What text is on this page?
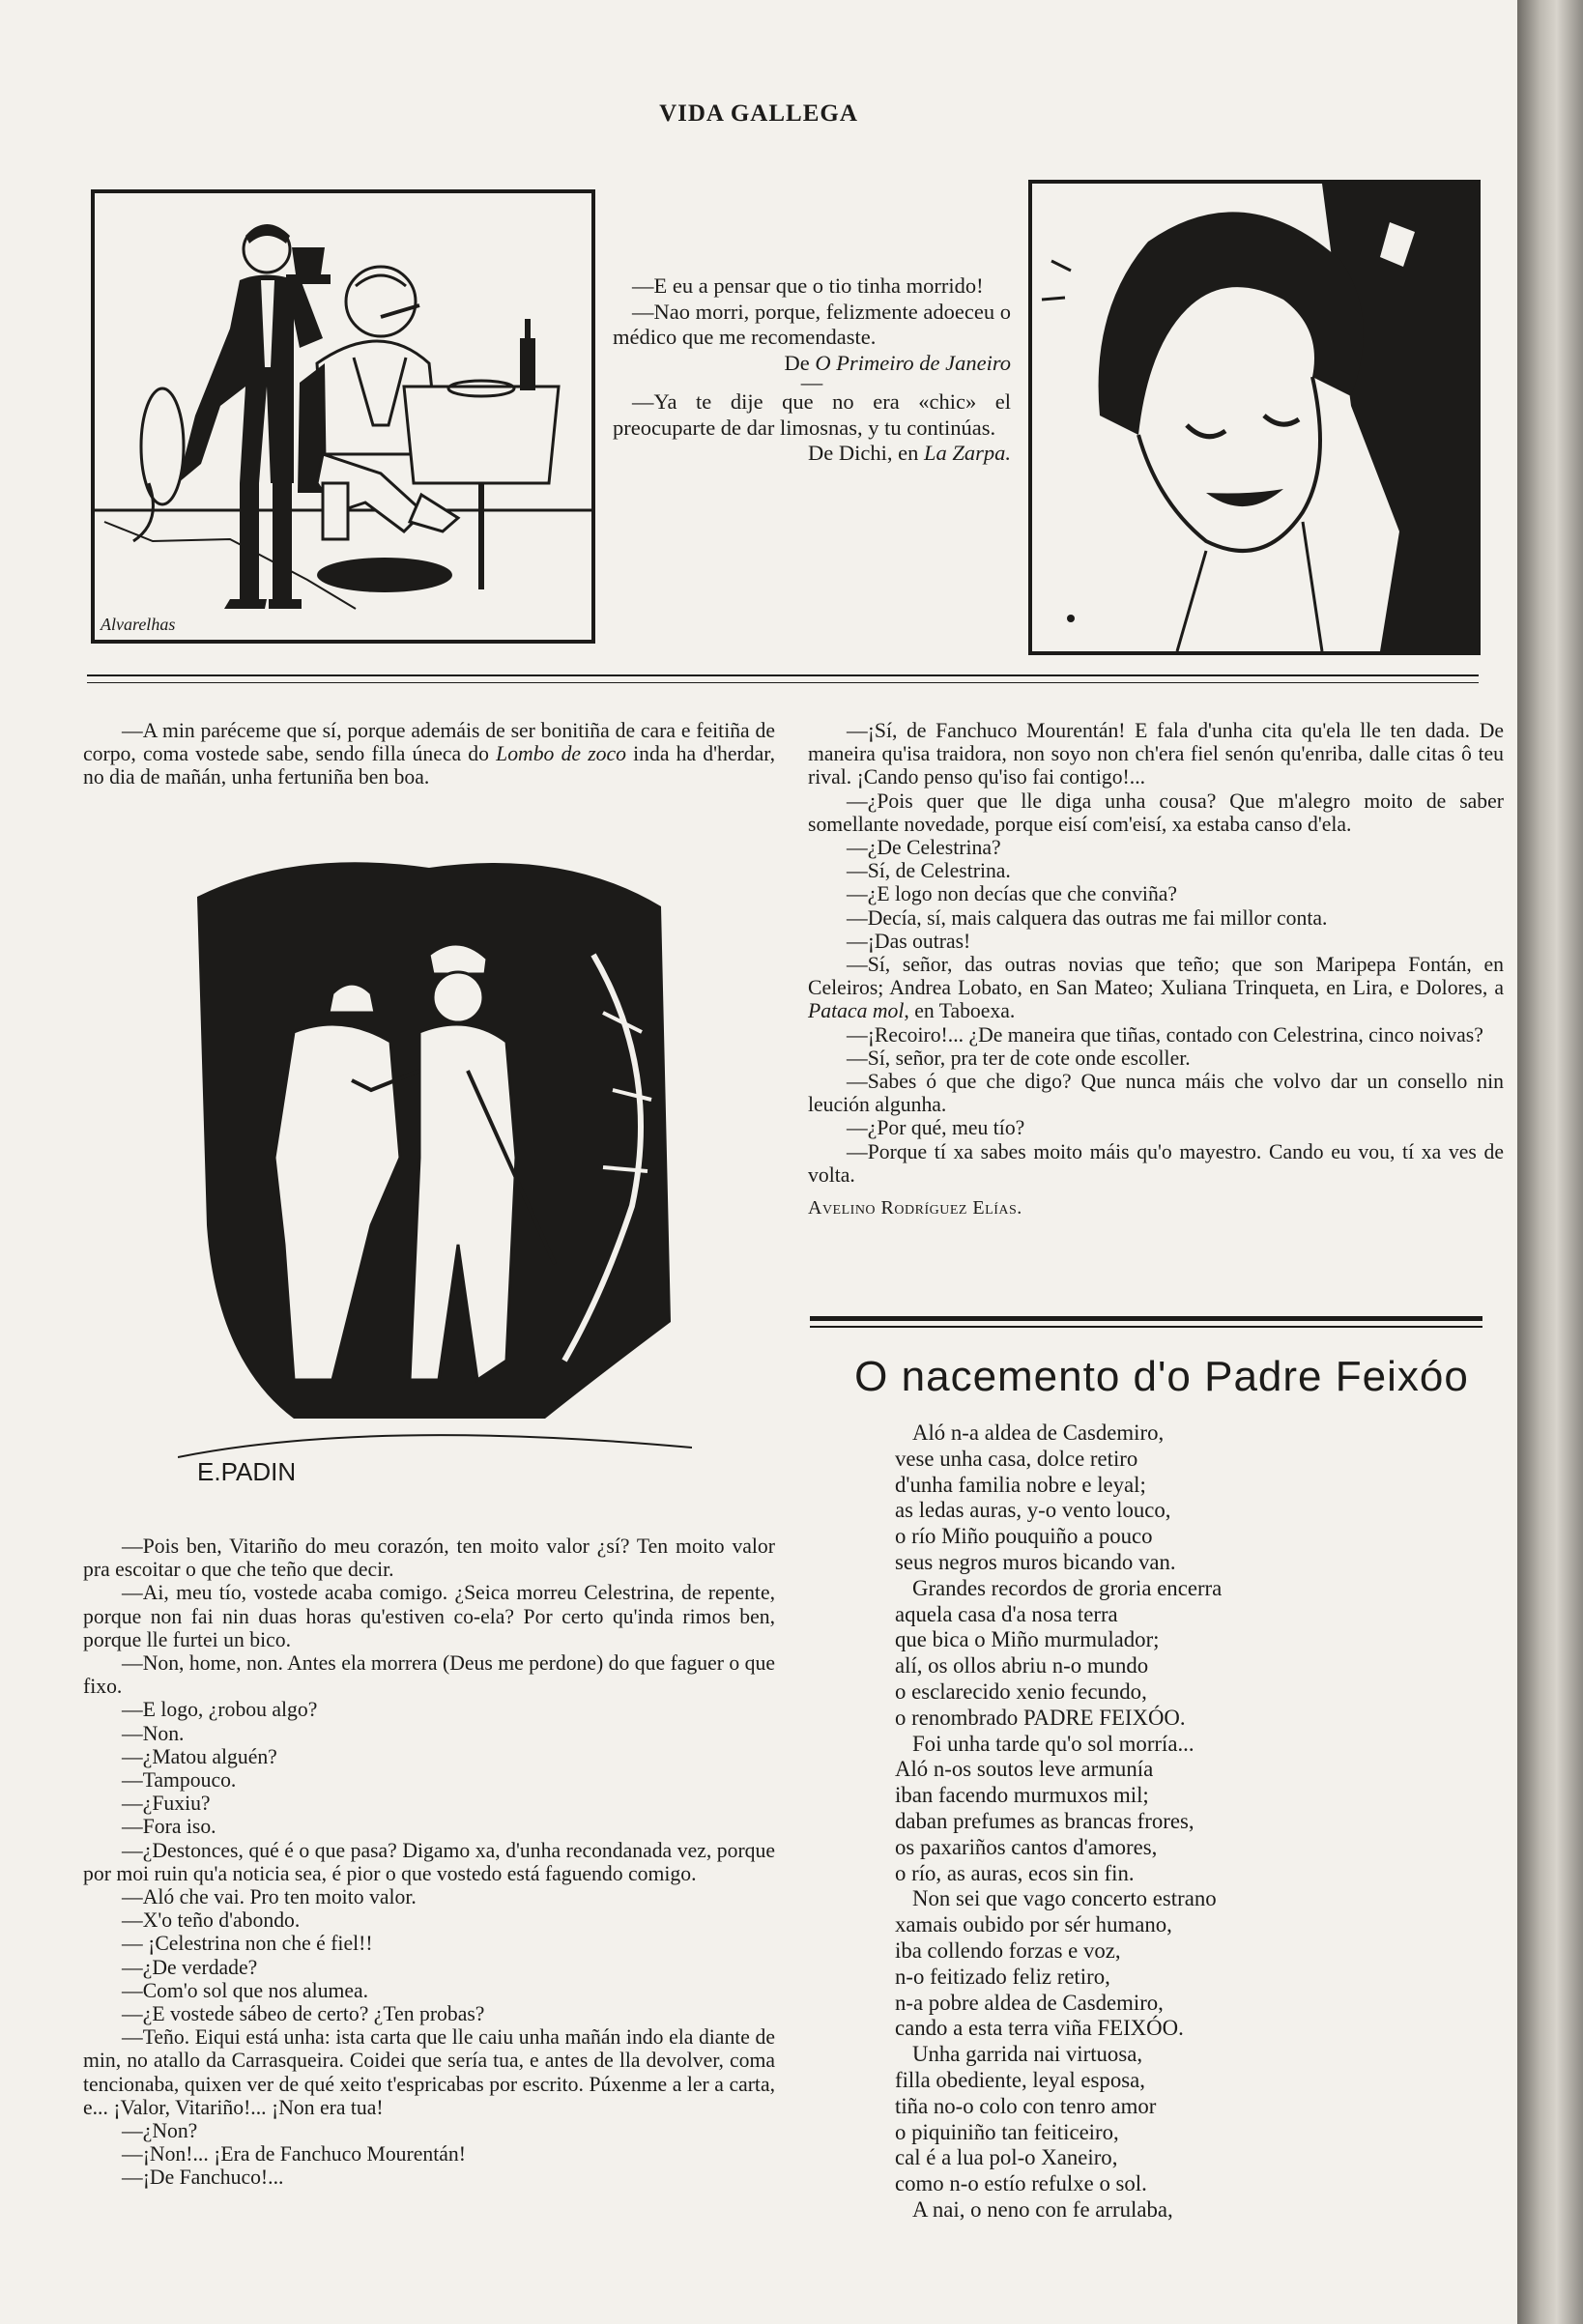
VIDA GALLEGA
Alvarelhas

—E eu a pensar que o tio tinha morrido!

—Nao morri, porque, felizmente adoeceu o médico que me recomendaste.

De O Primeiro de Janeiro

—

—Ya te dije que no era «chic» el preocuparte de dar limosnas, y tu continúas.

De Dichi, en La Zarpa.

—A min paréceme que sí, porque ademáis de ser bonitiña de cara e feitiña de corpo, coma vostede sabe, sendo filla úneca do Lombo de zoco inda ha d'herdar, no dia de mañán, unha fertuniña ben boa.

E.PADIN

—Pois ben, Vitariño do meu corazón, ten moito valor ¿sí? Ten moito valor pra escoitar o que che teño que decir.

—Ai, meu tío, vostede acaba comigo. ¿Seica morreu Celestrina, de repente, porque non fai nin duas horas qu'estiven co-ela? Por certo qu'inda rimos ben, porque lle furtei un bico.

—Non, home, non. Antes ela morrera (Deus me perdone) do que faguer o que fixo.

—E logo, ¿robou algo?

—Non.

—¿Matou alguén?

—Tampouco.

—¿Fuxiu?

—Fora iso.

—¿Destonces, qué é o que pasa? Digamo xa, d'unha recondanada vez, porque por moi ruin qu'a noticia sea, é pior o que vostedo está faguendo comigo.

—Aló che vai. Pro ten moito valor.

—X'o teño d'abondo.

— ¡Celestrina non che é fiel!!

—¿De verdade?

—Com'o sol que nos alumea.

—¿E vostede sábeo de certo? ¿Ten probas?

—Teño. Eiqui está unha: ista carta que lle caiu unha mañán indo ela diante de min, no atallo da Carrasqueira. Coidei que sería tua, e antes de lla devolver, coma tencionaba, quixen ver de qué xeito t'espricabas por escrito. Púxenme a ler a carta, e... ¡Valor, Vitariño!... ¡Non era tua!

—¿Non?

—¡Non!... ¡Era de Fanchuco Mourentán!

—¡De Fanchuco!...

—¡Sí, de Fanchuco Mourentán! E fala d'unha cita qu'ela lle ten dada. De maneira qu'isa traidora, non soyo non ch'era fiel senón qu'enriba, dalle citas ô teu rival. ¡Cando penso qu'iso fai contigo!...

—¿Pois quer que lle diga unha cousa? Que m'alegro moito de saber somellante novedade, porque eisí com'eisí, xa estaba canso d'ela.

—¿De Celestrina?

—Sí, de Celestrina.

—¿E logo non decías que che conviña?

—Decía, sí, mais calquera das outras me fai millor conta.

—¡Das outras!

—Sí, señor, das outras novias que teño; que son Maripepa Fontán, en Celeiros; Andrea Lobato, en San Mateo; Xuliana Trinqueta, en Lira, e Dolores, a Pataca mol, en Taboexa.

—¡Recoiro!... ¿De maneira que tiñas, contado con Celestrina, cinco noivas?

—Sí, señor, pra ter de cote onde escoller.

—Sabes ó que che digo? Que nunca máis che volvo dar un consello nin leución algunha.

—¿Por qué, meu tío?

—Porque tí xa sabes moito máis qu'o mayestro. Cando eu vou, tí xa ves de volta.

Avelino Rodríguez Elías.

O nacemento d'o Padre Feixóo

Aló n-a aldea de Casdemiro,

vese unha casa, dolce retiro

d'unha familia nobre e leyal;

as ledas auras, y-o vento louco,

o río Miño pouquiño a pouco

seus negros muros bicando van.

Grandes recordos de groria encerra

aquela casa d'a nosa terra

que bica o Miño murmulador;

alí, os ollos abriu n-o mundo

o esclarecido xenio fecundo,

o renombrado PADRE FEIXÓO.

Foi unha tarde qu'o sol morría...

Aló n-os soutos leve armunía

iban facendo murmuxos mil;

daban prefumes as brancas frores,

os paxariños cantos d'amores,

o río, as auras, ecos sin fin.

Non sei que vago concerto estrano

xamais oubido por sér humano,

iba collendo forzas e voz,

n-o feitizado feliz retiro,

n-a pobre aldea de Casdemiro,

cando a esta terra viña FEIXÓO.

Unha garrida nai virtuosa,

filla obediente, leyal esposa,

tiña no-o colo con tenro amor

o piquiniño tan feiticeiro,

cal é a lua pol-o Xaneiro,

como n-o estío refulxe o sol.

A nai, o neno con fe arrulaba,
